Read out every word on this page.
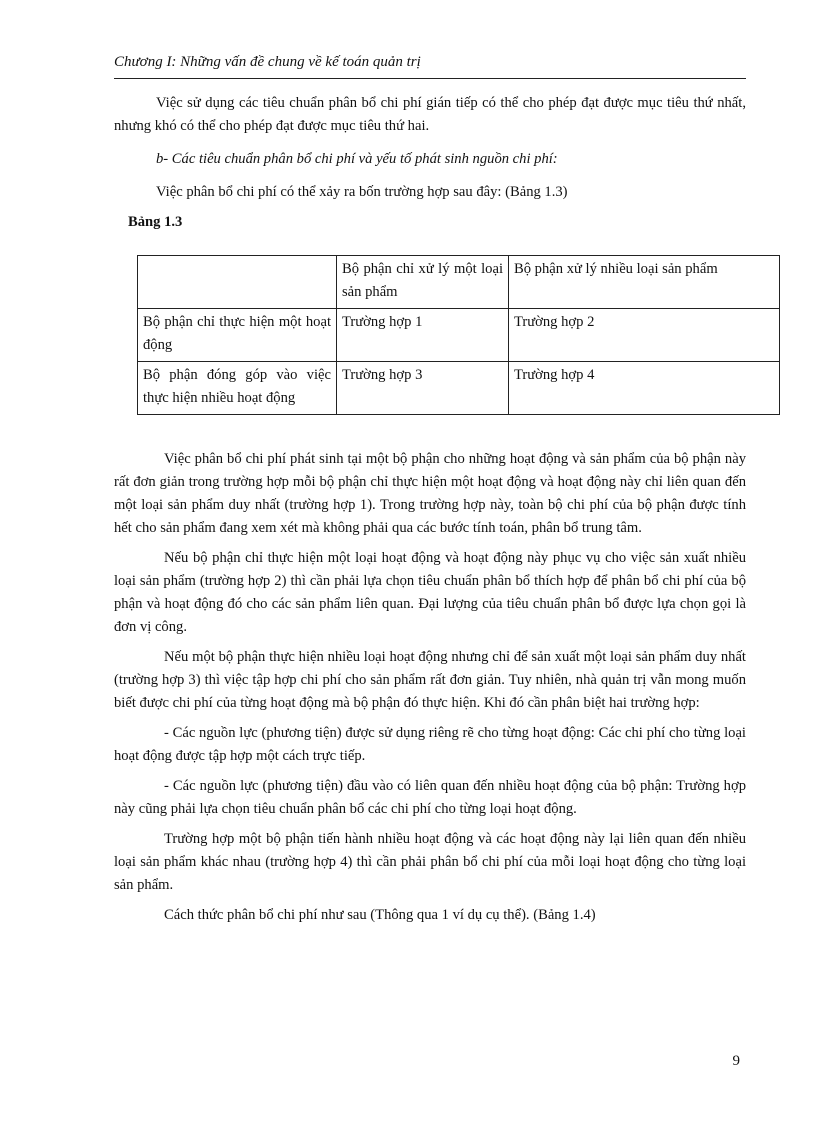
Chương I: Những vấn đề chung về kế toán quản trị

Việc sử dụng các tiêu chuẩn phân bổ chi phí gián tiếp có thể cho phép đạt được mục tiêu thứ nhất, nhưng khó có thể cho phép đạt được mục tiêu thứ hai.

b- Các tiêu chuẩn phân bổ chi phí và yếu tố phát sinh nguồn chi phí:

Việc phân bổ chi phí có thể xảy ra bốn trường hợp sau đây: (Bảng 1.3)

Bảng 1.3

	Bộ phận chỉ xử lý một loại sản phẩm	Bộ phận xử lý nhiều loại sản phẩm
Bộ phận chỉ thực hiện một hoạt động	Trường hợp 1	Trường hợp 2
Bộ phận đóng góp vào việc thực hiện nhiều hoạt động	Trường hợp 3	Trường hợp 4

Việc phân bổ chi phí phát sinh tại một bộ phận cho những hoạt động và sản phẩm của bộ phận này rất đơn giản trong trường hợp mỗi bộ phận chỉ thực hiện một hoạt động và hoạt động này chỉ liên quan đến một loại sản phẩm duy nhất (trường hợp 1). Trong trường hợp này, toàn bộ chi phí của bộ phận được tính hết cho sản phẩm đang xem xét mà không phải qua các bước tính toán, phân bổ trung tâm.

Nếu bộ phận chỉ thực hiện một loại hoạt động và hoạt động này phục vụ cho việc sản xuất nhiều loại sản phẩm (trường hợp 2) thì cần phải lựa chọn tiêu chuẩn phân bổ thích hợp để phân bổ chi phí của bộ phận và hoạt động đó cho các sản phẩm liên quan. Đại lượng của tiêu chuẩn phân bổ được lựa chọn gọi là đơn vị công.

Nếu một bộ phận thực hiện nhiều loại hoạt động nhưng chỉ để sản xuất một loại sản phẩm duy nhất (trường hợp 3) thì việc tập hợp chi phí cho sản phẩm rất đơn giản. Tuy nhiên, nhà quản trị vẫn mong muốn biết được chi phí của từng hoạt động mà bộ phận đó thực hiện. Khi đó cần phân biệt hai trường hợp:

- Các nguồn lực (phương tiện) được sử dụng riêng rẽ cho từng hoạt động: Các chi phí cho từng loại hoạt động được tập hợp một cách trực tiếp.

- Các nguồn lực (phương tiện) đầu vào có liên quan đến nhiều hoạt động của bộ phận: Trường hợp này cũng phải lựa chọn tiêu chuẩn phân bổ các chi phí cho từng loại hoạt động.

Trường hợp một bộ phận tiến hành nhiều hoạt động và các hoạt động này lại liên quan đến nhiều loại sản phẩm khác nhau (trường hợp 4) thì cần phải phân bổ chi phí của mỗi loại hoạt động cho từng loại sản phẩm.

Cách thức phân bổ chi phí như sau (Thông qua 1 ví dụ cụ thể). (Bảng 1.4)

9
